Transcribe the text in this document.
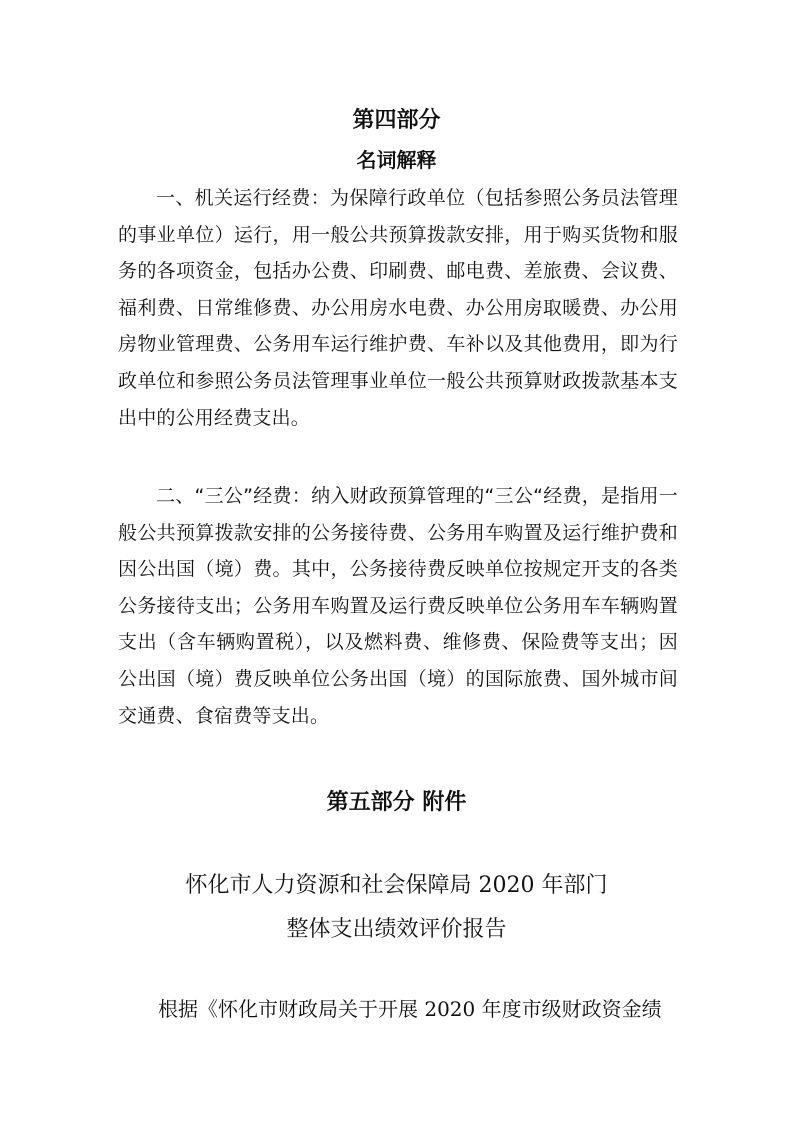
第四部分
名词解释

一、机关运行经费：为保障行政单位（包括参照公务员法管理的事业单位）运行，用一般公共预算拨款安排，用于购买货物和服务的各项资金，包括办公费、印刷费、邮电费、差旅费、会议费、福利费、日常维修费、办公用房水电费、办公用房取暖费、办公用房物业管理费、公务用车运行维护费、车补以及其他费用，即为行政单位和参照公务员法管理事业单位一般公共预算财政拨款基本支出中的公用经费支出。

二、“三公”经费：纳入财政预算管理的“三公“经费，是指用一般公共预算拨款安排的公务接待费、公务用车购置及运行维护费和因公出国（境）费。其中，公务接待费反映单位按规定开支的各类公务接待支出；公务用车购置及运行费反映单位公务用车车辆购置支出（含车辆购置税），以及燃料费、维修费、保险费等支出；因公出国（境）费反映单位公务出国（境）的国际旅费、国外城市间交通费、食宿费等支出。

第五部分 附件
怀化市人力资源和社会保障局 2020 年部门
整体支出绩效评价报告

根据《怀化市财政局关于开展 2020 年度市级财政资金绩
